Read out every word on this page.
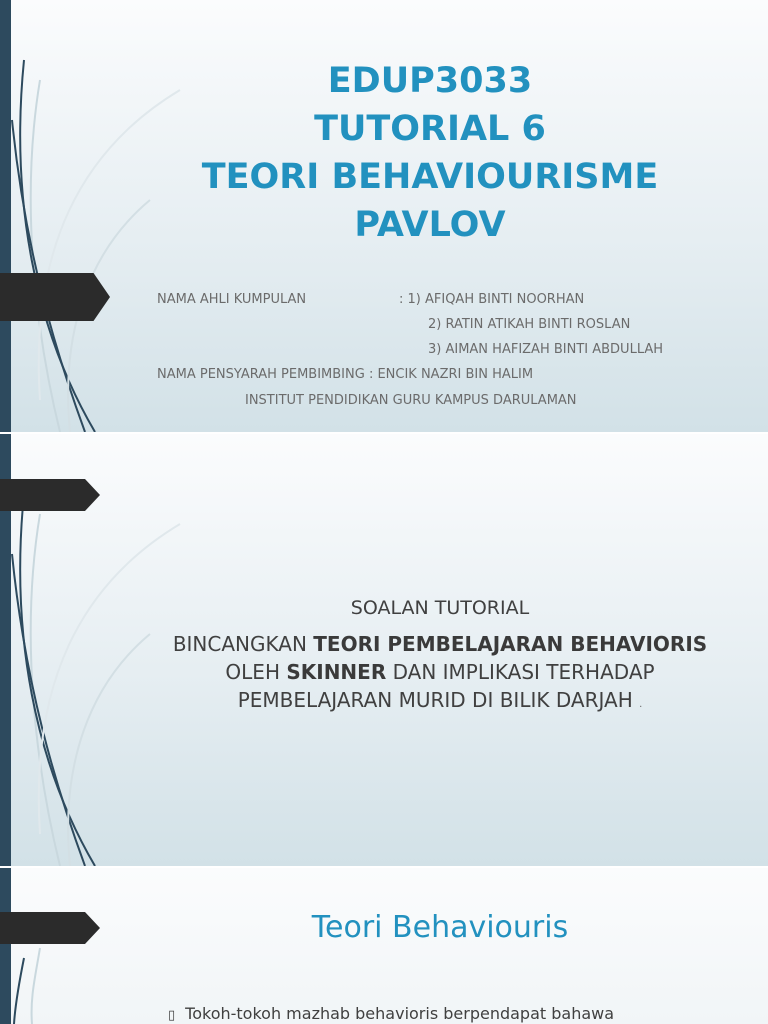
EDUP3033
TUTORIAL 6
TEORI BEHAVIOURISME
PAVLOV
NAMA AHLI KUMPULAN	: 1) AFIQAH BINTI NOORHAN
2) RATIN ATIKAH BINTI ROSLAN
3) AIMAN HAFIZAH BINTI ABDULLAH
NAMA PENSYARAH PEMBIMBING : ENCIK NAZRI BIN HALIM
INSTITUT PENDIDIKAN GURU KAMPUS DARULAMAN
SOALAN TUTORIAL
BINCANGKAN TEORI PEMBELAJARAN BEHAVIORIS OLEH SKINNER DAN IMPLIKASI TERHADAP PEMBELAJARAN MURID DI BILIK DARJAH .
Teori Behaviouris
▯ Tokoh-tokoh mazhab behavioris berpendapat bahawa
